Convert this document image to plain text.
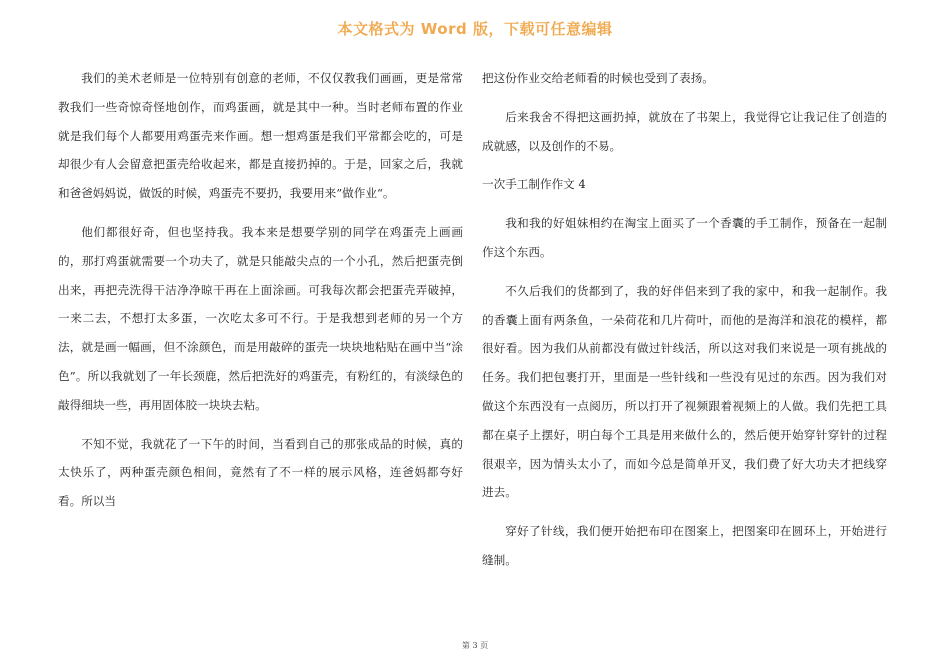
本文格式为 Word 版，下载可任意编辑

我们的美术老师是一位特别有创意的老师，不仅仅教我们画画，更是常常教我们一些奇惊奇怪地创作，而鸡蛋画，就是其中一种。当时老师布置的作业就是我们每个人都要用鸡蛋壳来作画。想一想鸡蛋是我们平常都会吃的，可是却很少有人会留意把蛋壳给收起来，都是直接扔掉的。于是，回家之后，我就和爸爸妈妈说，做饭的时候，鸡蛋壳不要扔，我要用来”做作业“。

他们都很好奇，但也坚持我。我本来是想要学别的同学在鸡蛋壳上画画的，那打鸡蛋就需要一个功夫了，就是只能敲尖点的一个小孔，然后把蛋壳倒出来，再把壳洗得干洁净净晾干再在上面涂画。可我每次都会把蛋壳弄破掉，一来二去，不想打太多蛋，一次吃太多可不行。于是我想到老师的另一个方法，就是画一幅画，但不涂颜色，而是用敲碎的蛋壳一块块地粘贴在画中当“涂色”。所以我就划了一年长颈鹿，然后把洗好的鸡蛋壳，有粉红的，有淡绿色的敲得细块一些，再用固体胶一块块去粘。

不知不觉，我就花了一下午的时间，当看到自己的那张成品的时候，真的太快乐了，两种蛋壳颜色相间，竟然有了不一样的展示风格，连爸妈都夸好看。所以当

把这份作业交给老师看的时候也受到了表扬。

后来我舍不得把这画扔掉，就放在了书架上，我觉得它让我记住了创造的成就感，以及创作的不易。

一次手工制作作文 4

我和我的好姐妹相约在淘宝上面买了一个香囊的手工制作，预备在一起制作这个东西。

不久后我们的货都到了，我的好伴侣来到了我的家中，和我一起制作。我的香囊上面有两条鱼，一朵荷花和几片荷叶，而他的是海洋和浪花的模样，都很好看。因为我们从前都没有做过针线活，所以这对我们来说是一项有挑战的任务。我们把包裹打开，里面是一些针线和一些没有见过的东西。因为我们对做这个东西没有一点阅历，所以打开了视频跟着视频上的人做。我们先把工具都在桌子上摆好，明白每个工具是用来做什么的，然后便开始穿针穿针的过程很艰辛，因为情头太小了，而如今总是简单开叉，我们费了好大功夫才把线穿进去。

穿好了针线，我们便开始把布印在图案上，把图案印在圆环上，开始进行缝制。

第 3 页
